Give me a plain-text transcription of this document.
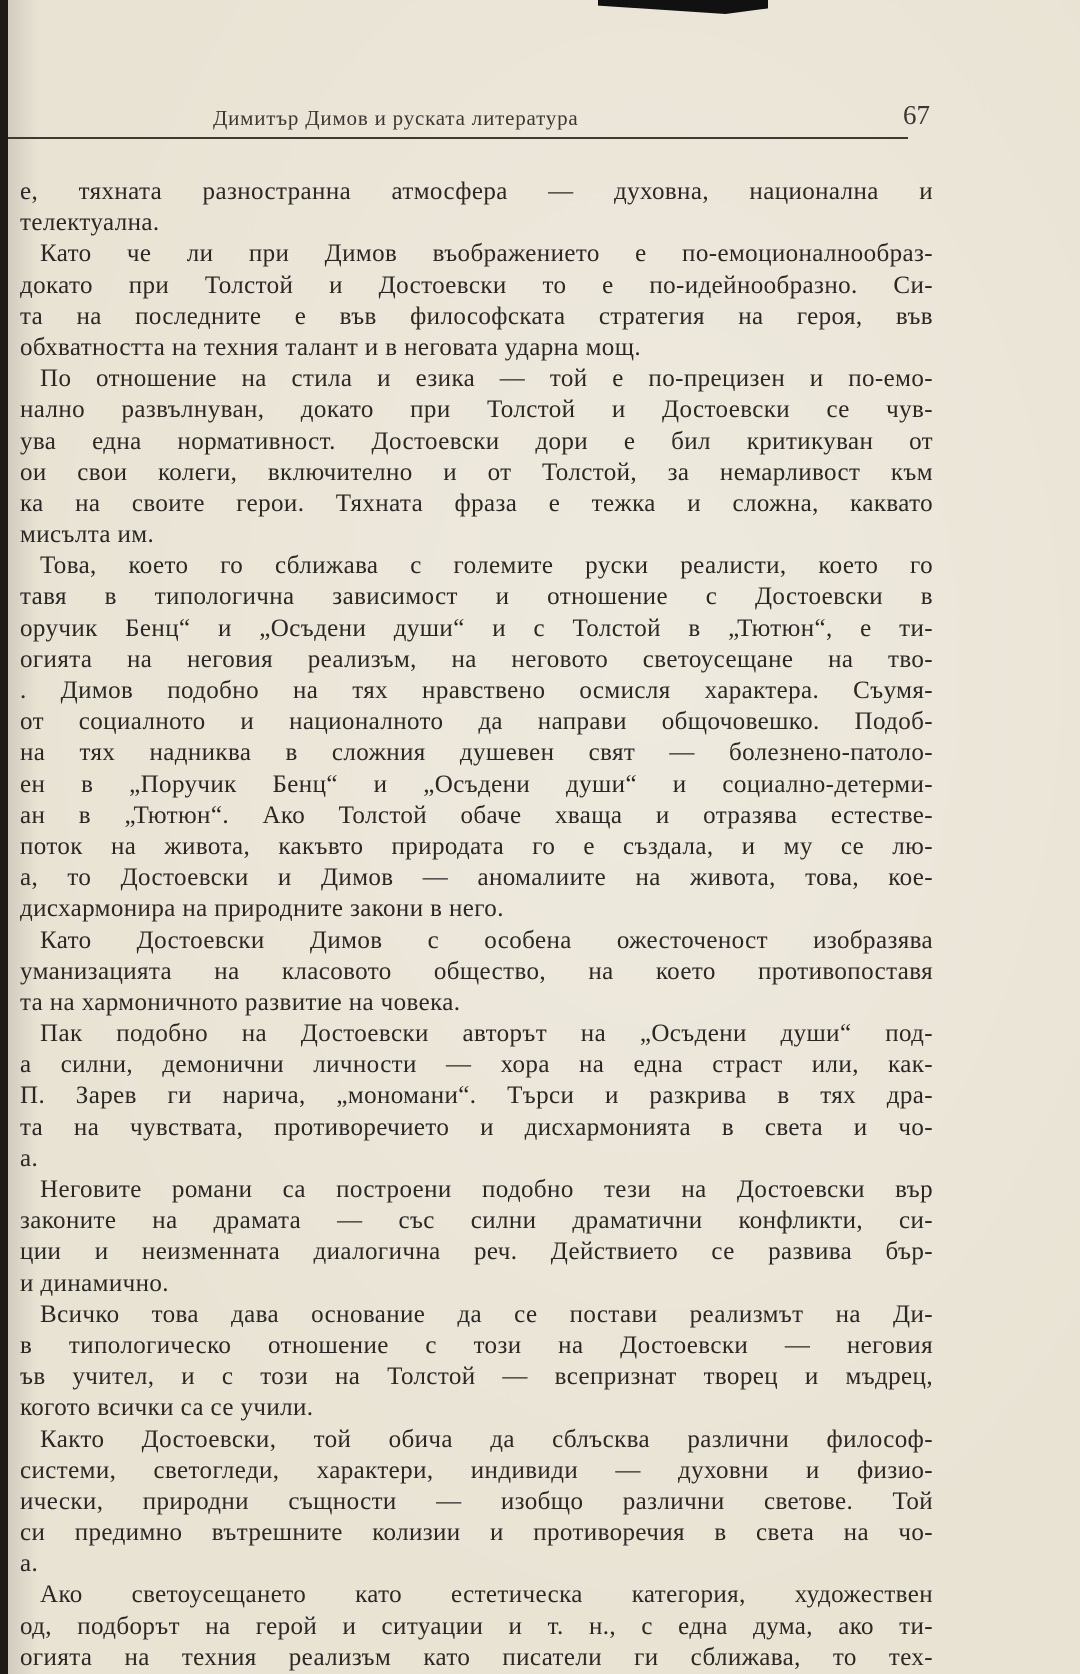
Димитър Димов и руската литература	67
е, тяхната разностранна атмосфера — духовна, национална и
телектуална.
Като че ли при Димов въображението е по-емоционалнообраз-
докато при Толстой и Достоевски то е по-идейнообразно. Си-
та на последните е във философската стратегия на героя, във
обхватността на техния талант и в неговата ударна мощ.
По отношение на стила и езика — той е по-прецизен и по-емо-
нално развълнуван, докато при Толстой и Достоевски се чув-
ува една нормативност. Достоевски дори е бил критикуван от
ои свои колеги, включително и от Толстой, за немарливост към
ка на своите герои. Тяхната фраза е тежка и сложна, каквато
мисълта им.
Това, което го сближава с големите руски реалисти, което го
тавя в типологична зависимост и отношение с Достоевски в
оручик Бенц“ и „Осъдени души“ и с Толстой в „Тютюн“, е ти-
огията на неговия реализъм, на неговото светоусещане на тво-
. Димов подобно на тях нравствено осмисля характера. Съумя-
от социалното и националното да направи общочовешко. Подоб-
на тях надниква в сложния душевен свят — болезнено-патоло-
ен в „Поручик Бенц“ и „Осъдени души“ и социално-детерми-
ан в „Тютюн“. Ако Толстой обаче хваща и отразява естестве-
поток на живота, какъвто природата го е създала, и му се лю-
а, то Достоевски и Димов — аномалиите на живота, това, кое-
дисхармонира на природните закони в него.
Като Достоевски Димов с особена ожесточеност изобразява
уманизацията на класовото общество, на което противопоставя
та на хармоничното развитие на човека.
Пак подобно на Достоевски авторът на „Осъдени души“ под-
а силни, демонични личности — хора на една страст или, как-
П. Зарев ги нарича, „мономани“. Търси и разкрива в тях дра-
та на чувствата, противоречието и дисхармонията в света и чо-
а.
Неговите романи са построени подобно тези на Достоевски вър
законите на драмата — със силни драматични конфликти, си-
ции и неизменната диалогична реч. Действието се развива бър-
и динамично.
Всичко това дава основание да се постави реализмът на Ди-
в типологическо отношение с този на Достоевски — неговия
ъв учител, и с този на Толстой — всепризнат творец и мъдрец,
когото всички са се учили.
Както Достоевски, той обича да сблъсква различни философ-
системи, светогледи, характери, индивиди — духовни и физио-
ически, природни същности — изобщо различни светове. Той
си предимно вътрешните колизии и противоречия в света на чо-
а.
Ако светоусещането като естетическа категория, художествен
од, подборът на герой и ситуации и т. н., с една дума, ако ти-
огията на техния реализъм като писатели ги сближава, то тех-
